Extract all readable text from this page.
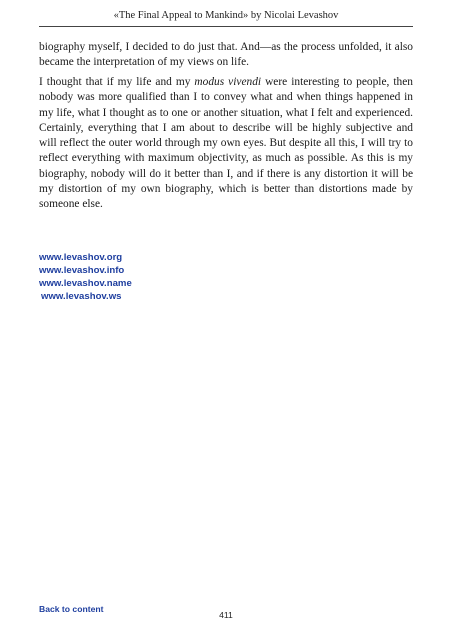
«The Final Appeal to Mankind» by Nicolai Levashov

biography myself, I decided to do just that. And—as the process unfolded, it also became the interpretation of my views on life.

I thought that if my life and my modus vivendi were interesting to people, then nobody was more qualified than I to convey what and when things happened in my life, what I thought as to one or another situation, what I felt and experienced. Certainly, everything that I am about to describe will be highly subjective and will reflect the outer world through my own eyes. But despite all this, I will try to reflect everything with maximum objectivity, as much as possible. As this is my biography, nobody will do it better than I, and if there is any distortion it will be my distortion of my own biography, which is better than distortions made by someone else.

www.levashov.org
www.levashov.info
www.levashov.name
www.levashov.ws
Back to content
411
